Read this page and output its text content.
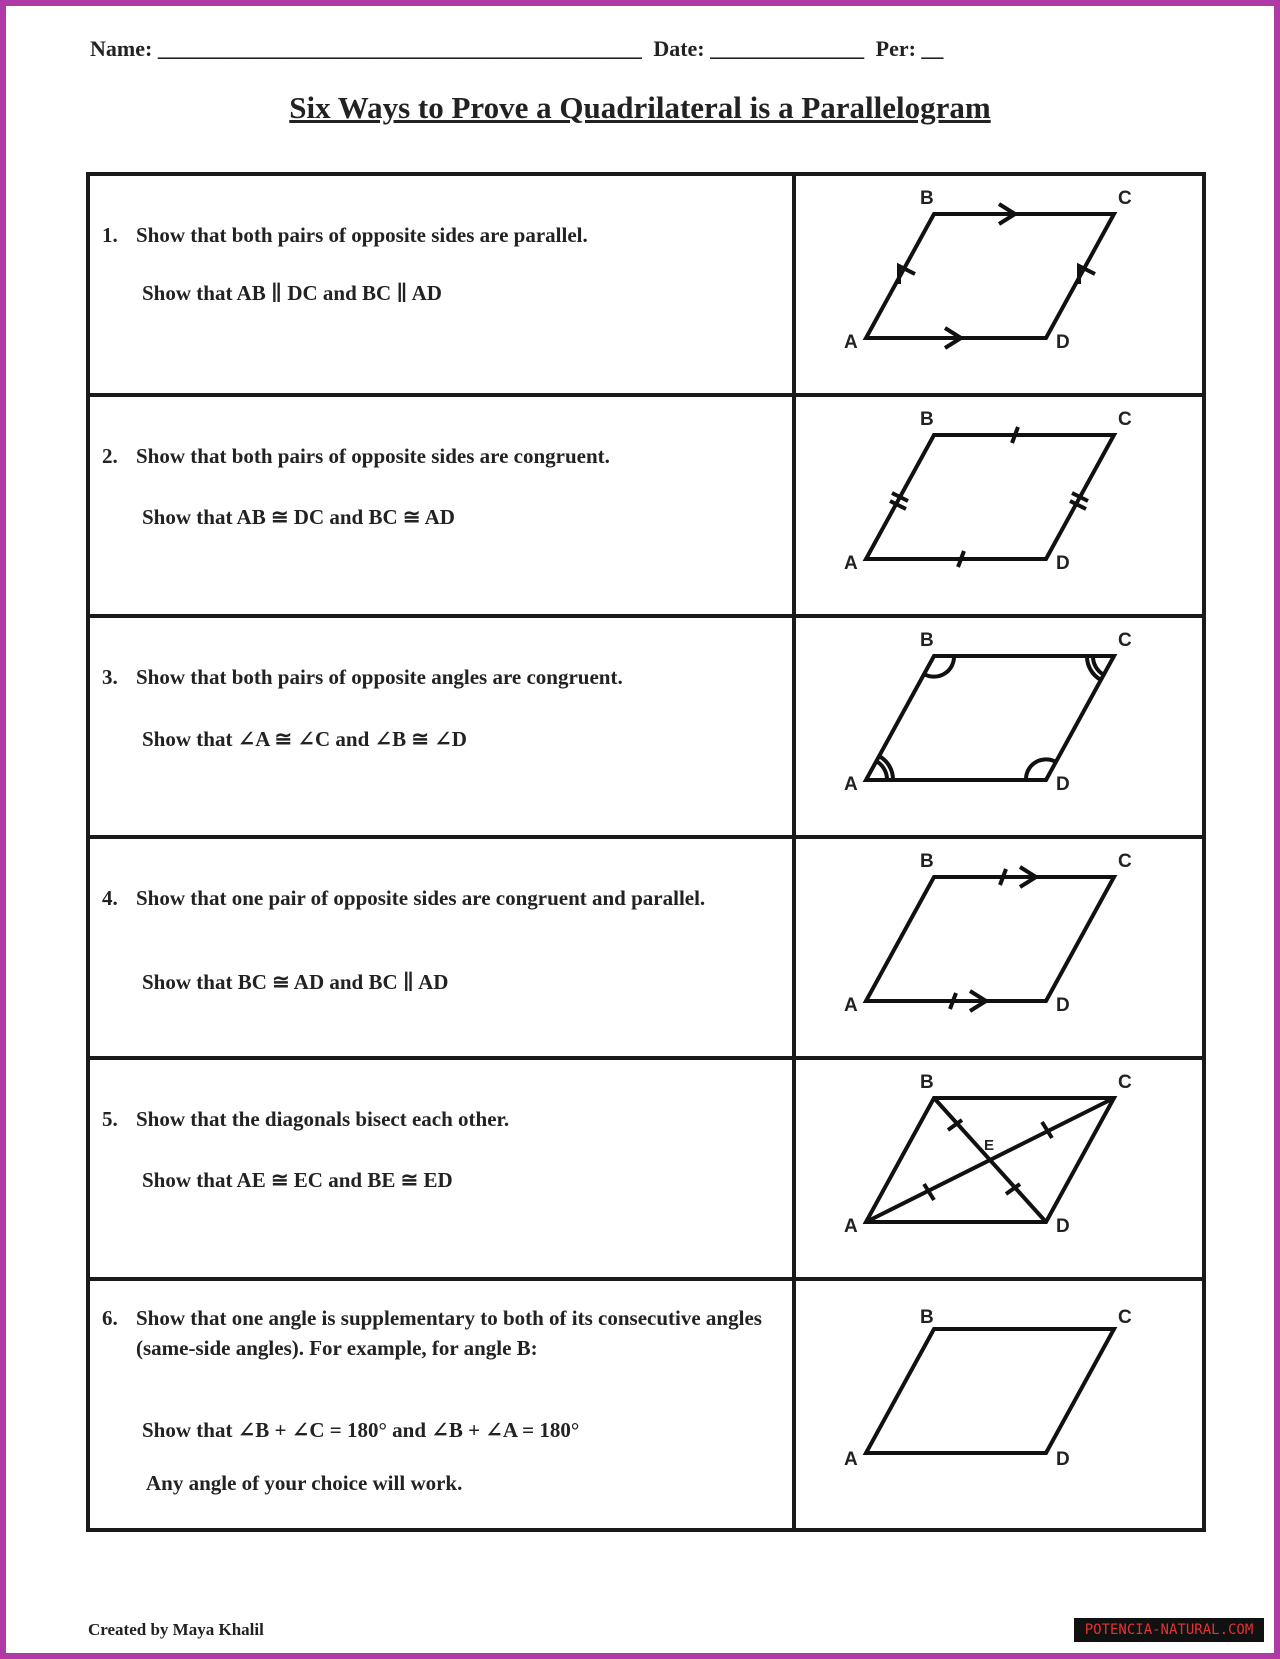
Name: ____________________________________________ Date: ______________ Per: __
Six Ways to Prove a Quadrilateral is a Parallelogram
1. Show that both pairs of opposite sides are parallel.
Show that AB ∥ DC and BC ∥ AD
B	C
A	D
2. Show that both pairs of opposite sides are congruent.
Show that AB ≅ DC and BC ≅ AD
B	C
A	D
3. Show that both pairs of opposite angles are congruent.
Show that ∠A ≅ ∠C and ∠B ≅ ∠D
B	C
A	D
4. Show that one pair of opposite sides are congruent and parallel.
Show that BC ≅ AD and BC ∥ AD
B	C
A	D
5. Show that the diagonals bisect each other.
Show that AE ≅ EC and BE ≅ ED
B	C
A	D
E
6. Show that one angle is supplementary to both of its consecutive angles (same-side angles). For example, for angle B:
Show that ∠B + ∠C = 180° and ∠B + ∠A = 180°
Any angle of your choice will work.
B	C
A	D
Created by Maya Khalil	POTENCIA-NATURAL.COM
